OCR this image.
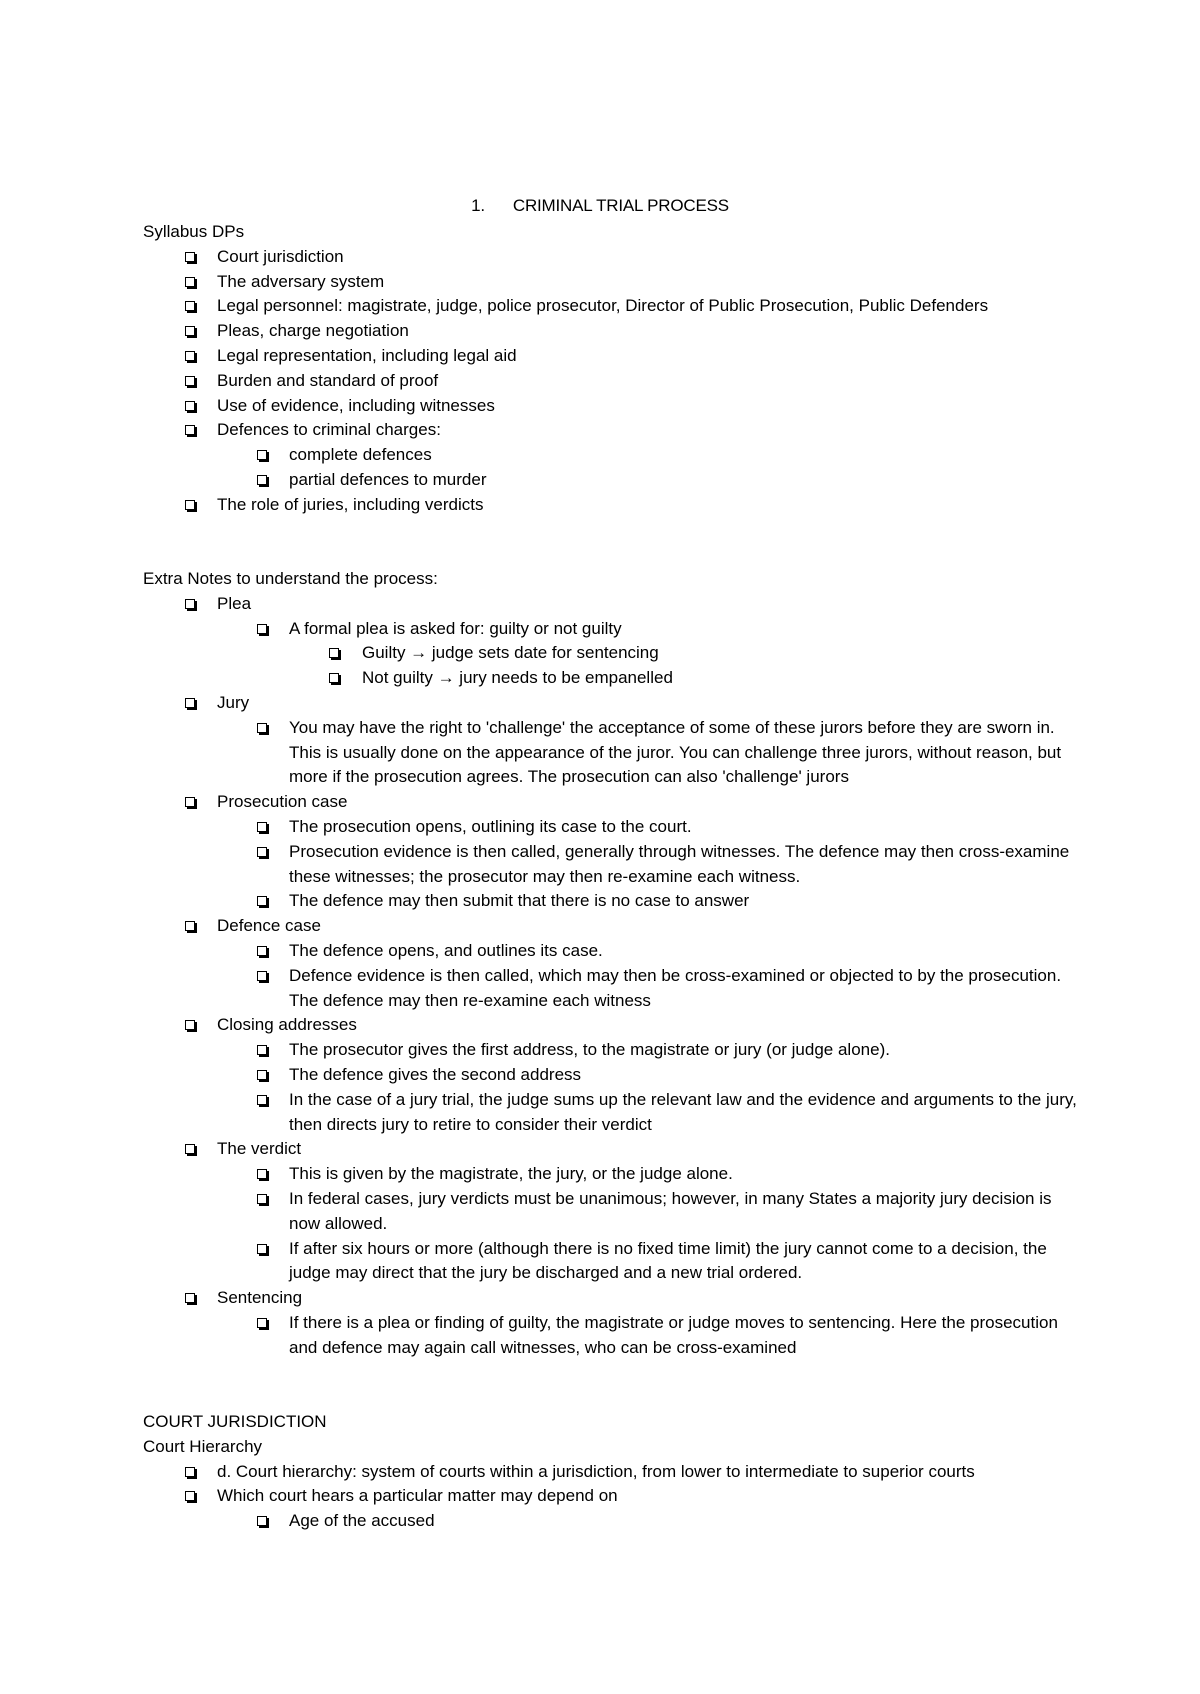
1. CRIMINAL TRIAL PROCESS
Syllabus DPs
Court jurisdiction
The adversary system
Legal personnel: magistrate, judge, police prosecutor, Director of Public Prosecution, Public Defenders
Pleas, charge negotiation
Legal representation, including legal aid
Burden and standard of proof
Use of evidence, including witnesses
Defences to criminal charges:
complete defences
partial defences to murder
The role of juries, including verdicts
Extra Notes to understand the process:
Plea
A formal plea is asked for: guilty or not guilty
Guilty → judge sets date for sentencing
Not guilty → jury needs to be empanelled
Jury
You may have the right to 'challenge' the acceptance of some of these jurors before they are sworn in. This is usually done on the appearance of the juror. You can challenge three jurors, without reason, but more if the prosecution agrees. The prosecution can also 'challenge' jurors
Prosecution case
The prosecution opens, outlining its case to the court.
Prosecution evidence is then called, generally through witnesses. The defence may then cross-examine these witnesses; the prosecutor may then re-examine each witness.
The defence may then submit that there is no case to answer
Defence case
The defence opens, and outlines its case.
Defence evidence is then called, which may then be cross-examined or objected to by the prosecution. The defence may then re-examine each witness
Closing addresses
The prosecutor gives the first address, to the magistrate or jury (or judge alone).
The defence gives the second address
In the case of a jury trial, the judge sums up the relevant law and the evidence and arguments to the jury, then directs jury to retire to consider their verdict
The verdict
This is given by the magistrate, the jury, or the judge alone.
In federal cases, jury verdicts must be unanimous; however, in many States a majority jury decision is now allowed.
If after six hours or more (although there is no fixed time limit) the jury cannot come to a decision, the judge may direct that the jury be discharged and a new trial ordered.
Sentencing
If there is a plea or finding of guilty, the magistrate or judge moves to sentencing. Here the prosecution and defence may again call witnesses, who can be cross-examined
COURT JURISDICTION
Court Hierarchy
d. Court hierarchy: system of courts within a jurisdiction, from lower to intermediate to superior courts
Which court hears a particular matter may depend on
Age of the accused
